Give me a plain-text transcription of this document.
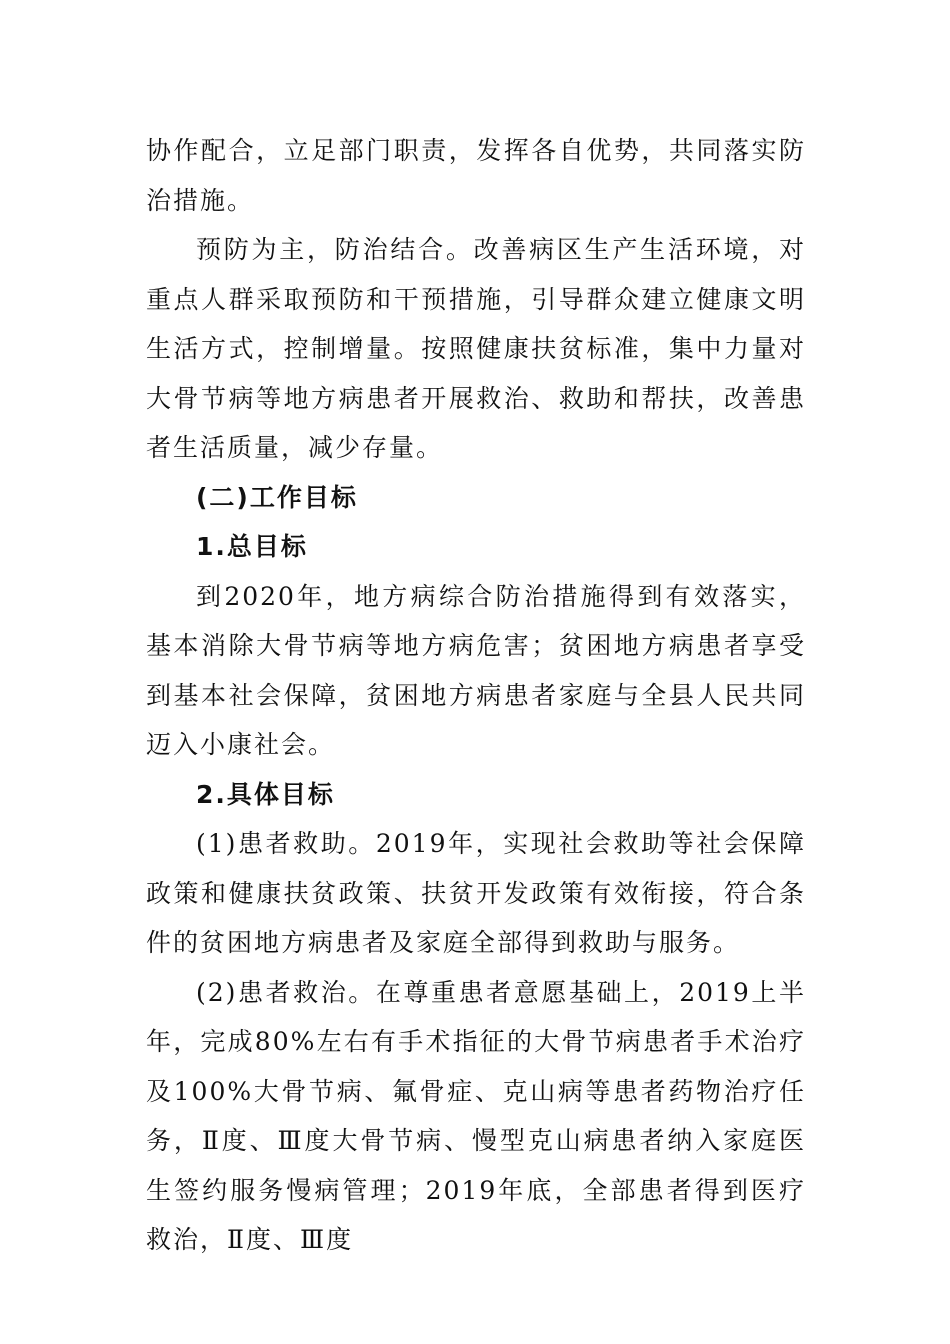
协作配合，立足部门职责，发挥各自优势，共同落实防治措施。

预防为主，防治结合。改善病区生产生活环境，对重点人群采取预防和干预措施，引导群众建立健康文明生活方式，控制增量。按照健康扶贫标准，集中力量对大骨节病等地方病患者开展救治、救助和帮扶，改善患者生活质量，减少存量。

(二)工作目标

1.总目标

到2020年，地方病综合防治措施得到有效落实，基本消除大骨节病等地方病危害；贫困地方病患者享受到基本社会保障，贫困地方病患者家庭与全县人民共同迈入小康社会。

2.具体目标

(1)患者救助。2019年，实现社会救助等社会保障政策和健康扶贫政策、扶贫开发政策有效衔接，符合条件的贫困地方病患者及家庭全部得到救助与服务。

(2)患者救治。在尊重患者意愿基础上，2019上半年，完成80%左右有手术指征的大骨节病患者手术治疗及100%大骨节病、氟骨症、克山病等患者药物治疗任务，Ⅱ度、Ⅲ度大骨节病、慢型克山病患者纳入家庭医生签约服务慢病管理；2019年底，全部患者得到医疗救治，Ⅱ度、Ⅲ度
